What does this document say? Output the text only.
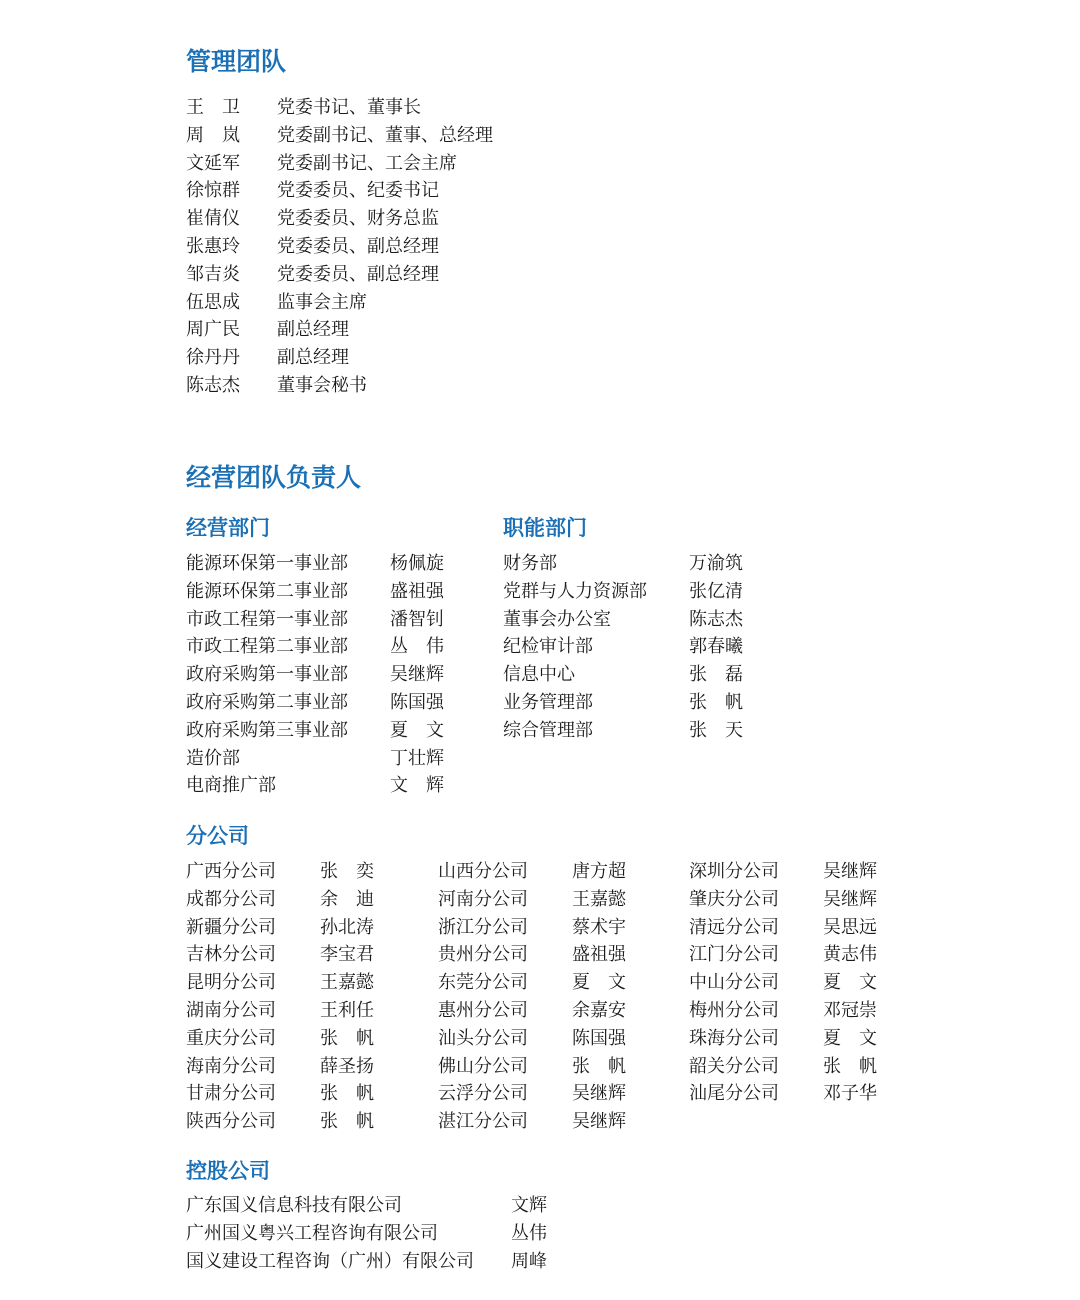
管理团队
王　卫	党委书记、董事长
周　岚	党委副书记、董事、总经理
文延军	党委副书记、工会主席
徐惊群	党委委员、纪委书记
崔倩仪	党委委员、财务总监
张惠玲	党委委员、副总经理
邹吉炎	党委委员、副总经理
伍思成	监事会主席
周广民	副总经理
徐丹丹	副总经理
陈志杰	董事会秘书
经营团队负责人
经营部门
能源环保第一事业部	杨佩旋
能源环保第二事业部	盛祖强
市政工程第一事业部	潘智钊
市政工程第二事业部	丛　伟
政府采购第一事业部	吴继辉
政府采购第二事业部	陈国强
政府采购第三事业部	夏　文
造价部	丁壮辉
电商推广部	文　辉
职能部门
财务部	万渝筑
党群与人力资源部	张亿清
董事会办公室	陈志杰
纪检审计部	郭春曦
信息中心	张　磊
业务管理部	张　帆
综合管理部	张　天
分公司
广西分公司	张　奕
成都分公司	余　迪
新疆分公司	孙北涛
吉林分公司	李宝君
昆明分公司	王嘉懿
湖南分公司	王利任
重庆分公司	张　帆
海南分公司	薛圣扬
甘肃分公司	张　帆
陕西分公司	张　帆
山西分公司	唐方超
河南分公司	王嘉懿
浙江分公司	蔡术宇
贵州分公司	盛祖强
东莞分公司	夏　文
惠州分公司	余嘉安
汕头分公司	陈国强
佛山分公司	张　帆
云浮分公司	吴继辉
湛江分公司	吴继辉
深圳分公司	吴继辉
肇庆分公司	吴继辉
清远分公司	吴思远
江门分公司	黄志伟
中山分公司	夏　文
梅州分公司	邓冠崇
珠海分公司	夏　文
韶关分公司	张　帆
汕尾分公司	邓子华
控股公司
广东国义信息科技有限公司	文辉
广州国义粤兴工程咨询有限公司	丛伟
国义建设工程咨询（广州）有限公司	周峰
